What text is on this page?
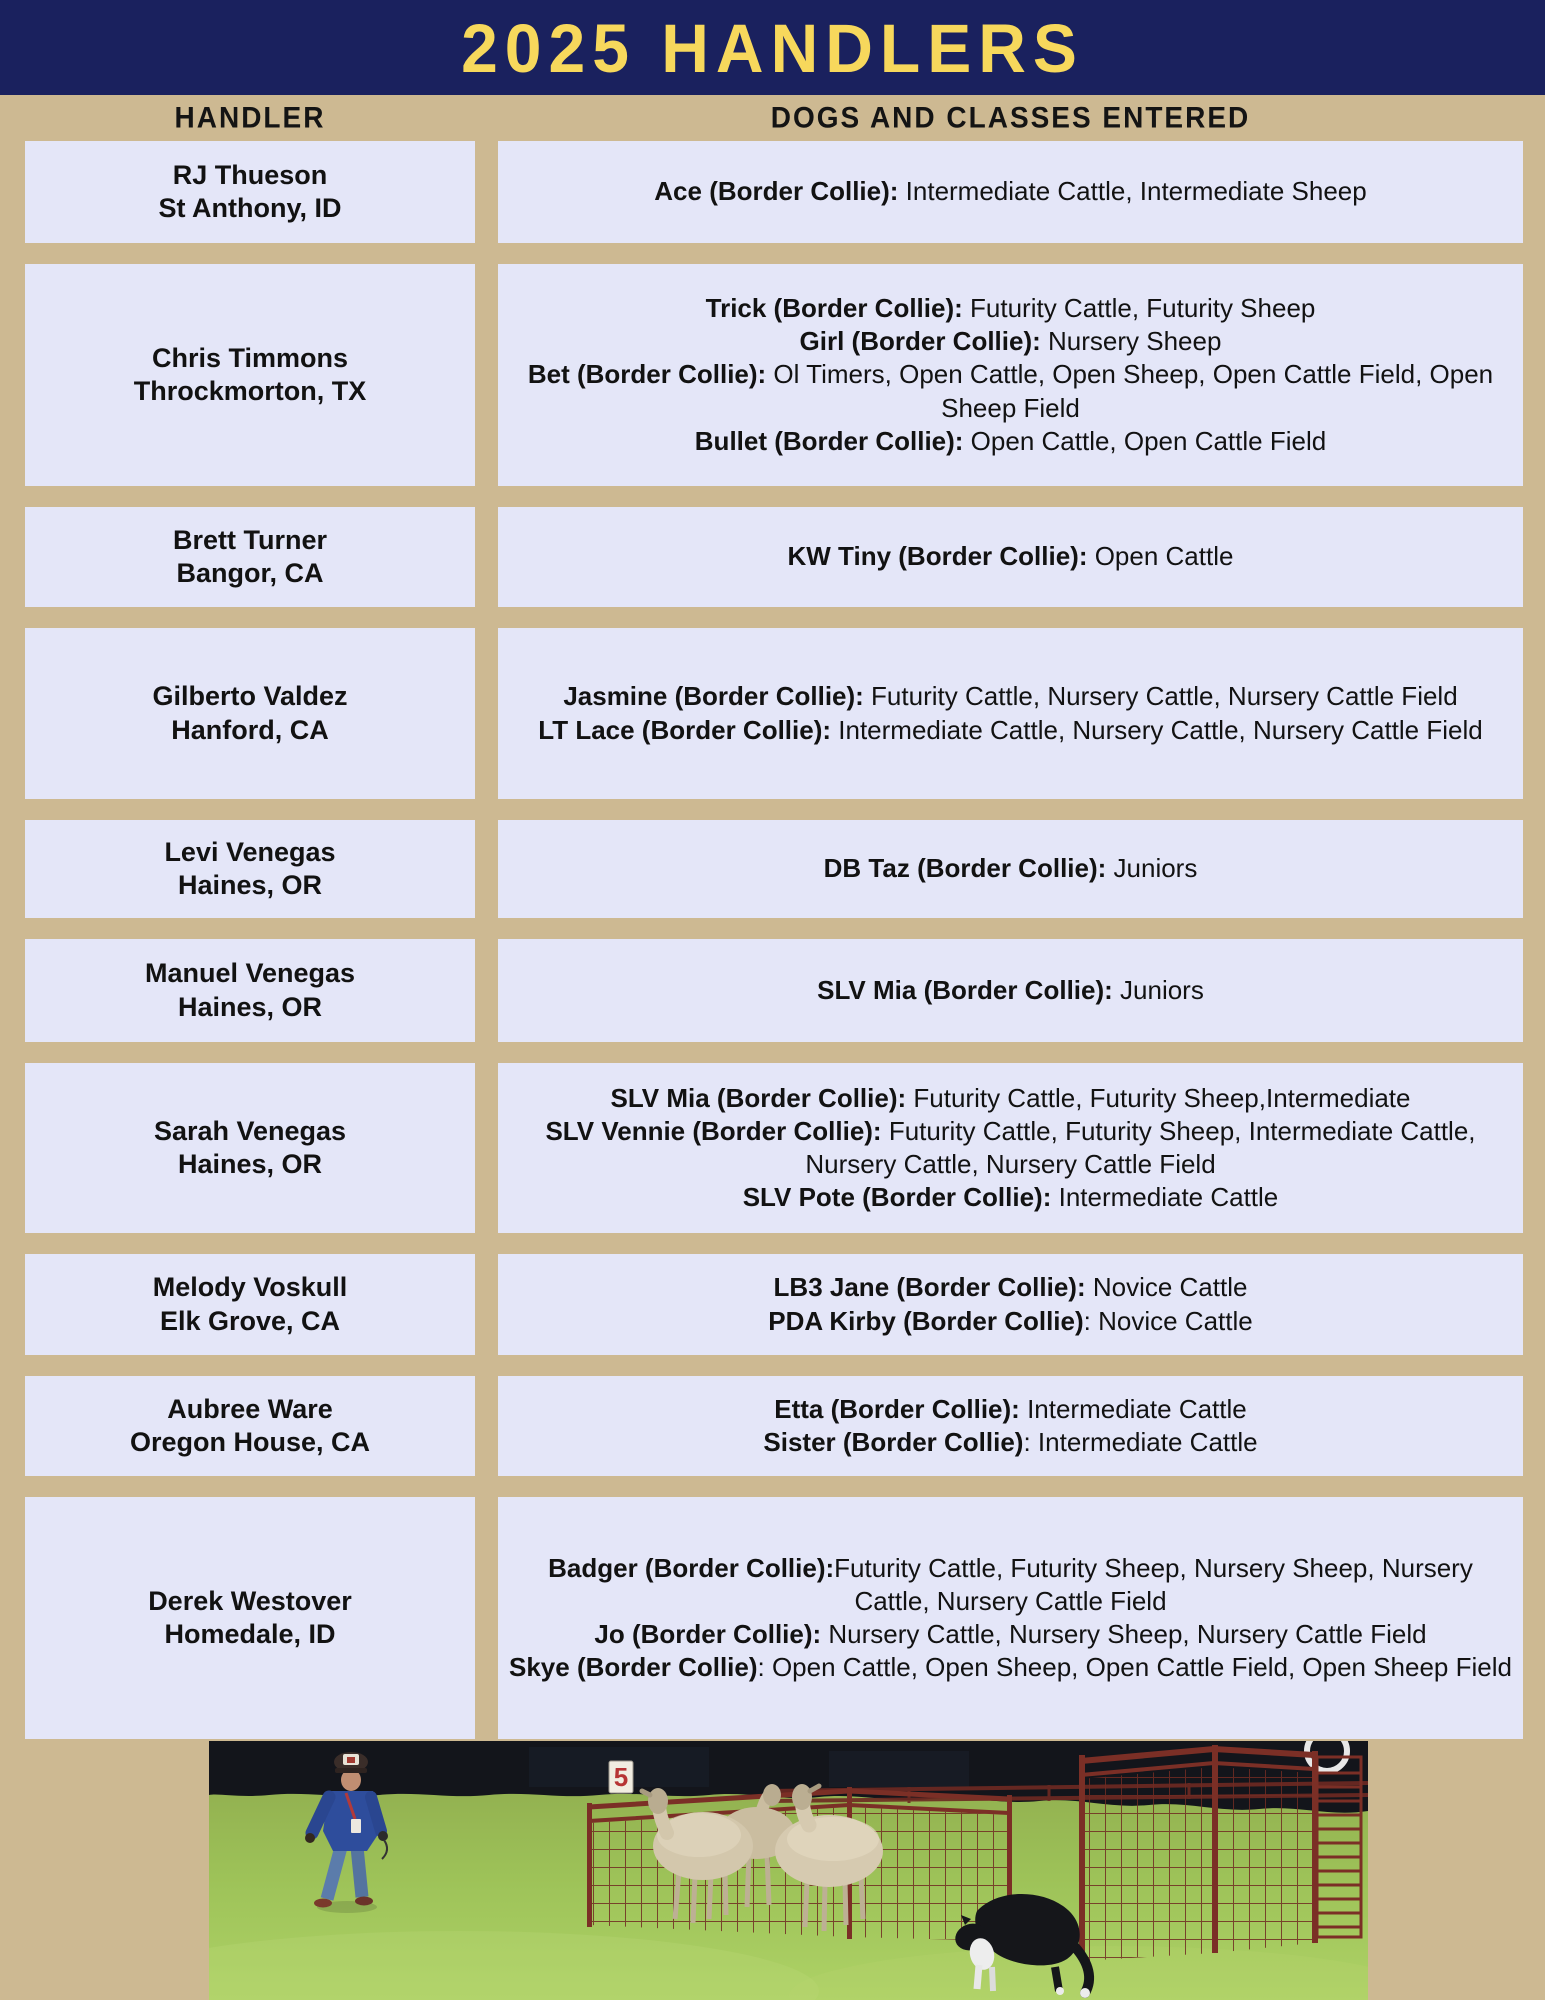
2025 HANDLERS
HANDLER	DOGS AND CLASSES ENTERED
RJ Thueson
St Anthony, ID
Ace (Border Collie): Intermediate Cattle, Intermediate Sheep
Chris Timmons
Throckmorton, TX
Trick (Border Collie): Futurity Cattle, Futurity Sheep
Girl (Border Collie): Nursery Sheep
Bet (Border Collie): Ol Timers, Open Cattle, Open Sheep, Open Cattle Field, Open Sheep Field
Bullet (Border Collie): Open Cattle, Open Cattle Field
Brett Turner
Bangor, CA
KW Tiny (Border Collie): Open Cattle
Gilberto Valdez
Hanford, CA
Jasmine (Border Collie): Futurity Cattle, Nursery Cattle, Nursery Cattle Field
LT Lace (Border Collie): Intermediate Cattle, Nursery Cattle, Nursery Cattle Field
Levi Venegas
Haines, OR
DB Taz (Border Collie): Juniors
Manuel Venegas
Haines, OR
SLV Mia (Border Collie): Juniors
Sarah Venegas
Haines, OR
SLV Mia (Border Collie): Futurity Cattle, Futurity Sheep,Intermediate
SLV Vennie (Border Collie): Futurity Cattle, Futurity Sheep, Intermediate Cattle, Nursery Cattle, Nursery Cattle Field
SLV Pote (Border Collie): Intermediate Cattle
Melody Voskull
Elk Grove, CA
LB3 Jane (Border Collie): Novice Cattle
PDA Kirby (Border Collie): Novice Cattle
Aubree Ware
Oregon House, CA
Etta (Border Collie): Intermediate Cattle
Sister (Border Collie): Intermediate Cattle
Derek Westover
Homedale, ID
Badger (Border Collie):Futurity Cattle, Futurity Sheep, Nursery Sheep, Nursery Cattle, Nursery Cattle Field
Jo (Border Collie): Nursery Cattle, Nursery Sheep, Nursery Cattle Field
Skye (Border Collie): Open Cattle, Open Sheep, Open Cattle Field, Open Sheep Field
5
